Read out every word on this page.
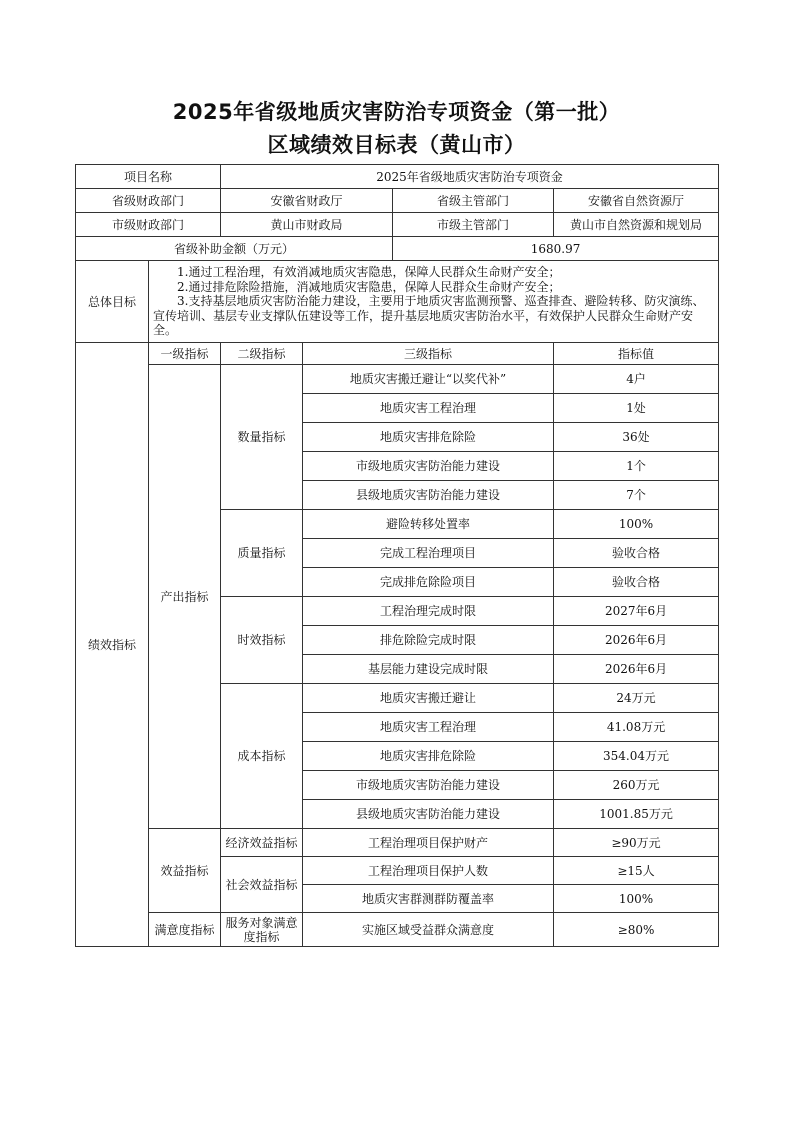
2025年省级地质灾害防治专项资金（第一批）
区域绩效目标表（黄山市）
项目名称		2025年省级地质灾害防治专项资金			
省级财政部门		安徽省财政厅		省级主管部门	安徽省自然资源厅
市级财政部门		黄山市财政局		市级主管部门	黄山市自然资源和规划局
省级补助金额（万元）				1680.97	
总体目标	1.通过工程治理，有效消减地质灾害隐患，保障人民群众生命财产安全；
2.通过排危除险措施，消减地质灾害隐患，保障人民群众生命财产安全；
3.支持基层地质灾害防治能力建设，主要用于地质灾害监测预警、巡查排查、避险转移、防灾演练、宣传培训、基层专业支撑队伍建设等工作，提升基层地质灾害防治水平，有效保护人民群众生命财产安全。				

绩效指标	一级指标	二级指标	三级指标		指标值
	产出指标	数量指标	地质灾害搬迁避让“以奖代补”		4户
			地质灾害工程治理		1处
			地质灾害排危除险		36处
			市级地质灾害防治能力建设		1个
			县级地质灾害防治能力建设		7个
		质量指标	避险转移处置率		100%
			完成工程治理项目		验收合格
			完成排危除险项目		验收合格
		时效指标	工程治理完成时限		2027年6月
			排危除险完成时限		2026年6月
			基层能力建设完成时限		2026年6月
		成本指标	地质灾害搬迁避让		24万元
			地质灾害工程治理		41.08万元
			地质灾害排危除险		354.04万元
			市级地质灾害防治能力建设		260万元
			县级地质灾害防治能力建设		1001.85万元
	效益指标	经济效益指标	工程治理项目保护财产		≥90万元
		社会效益指标	工程治理项目保护人数		≥15人
			地质灾害群测群防覆盖率		100%
	满意度指标	服务对象满意度指标	实施区域受益群众满意度		≥80%
